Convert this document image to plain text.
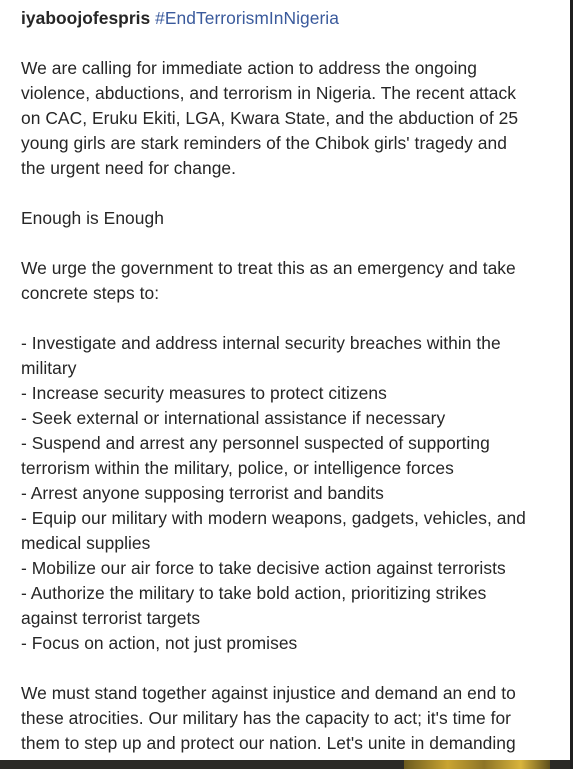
iyaboojofespris #EndTerrorismInNigeria
We are calling for immediate action to address the ongoing
violence, abductions, and terrorism in Nigeria. The recent attack
on CAC, Eruku Ekiti, LGA, Kwara State, and the abduction of 25
young girls are stark reminders of the Chibok girls' tragedy and
the urgent need for change.
Enough is Enough
We urge the government to treat this as an emergency and take
concrete steps to:
- Investigate and address internal security breaches within the
military
- Increase security measures to protect citizens
- Seek external or international assistance if necessary
- Suspend and arrest any personnel suspected of supporting
terrorism within the military, police, or intelligence forces
- Arrest anyone supposing terrorist and bandits
- Equip our military with modern weapons, gadgets, vehicles, and
medical supplies
- Mobilize our air force to take decisive action against terrorists
- Authorize the military to take bold action, prioritizing strikes
against terrorist targets
- Focus on action, not just promises
We must stand together against injustice and demand an end to
these atrocities. Our military has the capacity to act; it's time for
them to step up and protect our nation. Let's unite in demanding
